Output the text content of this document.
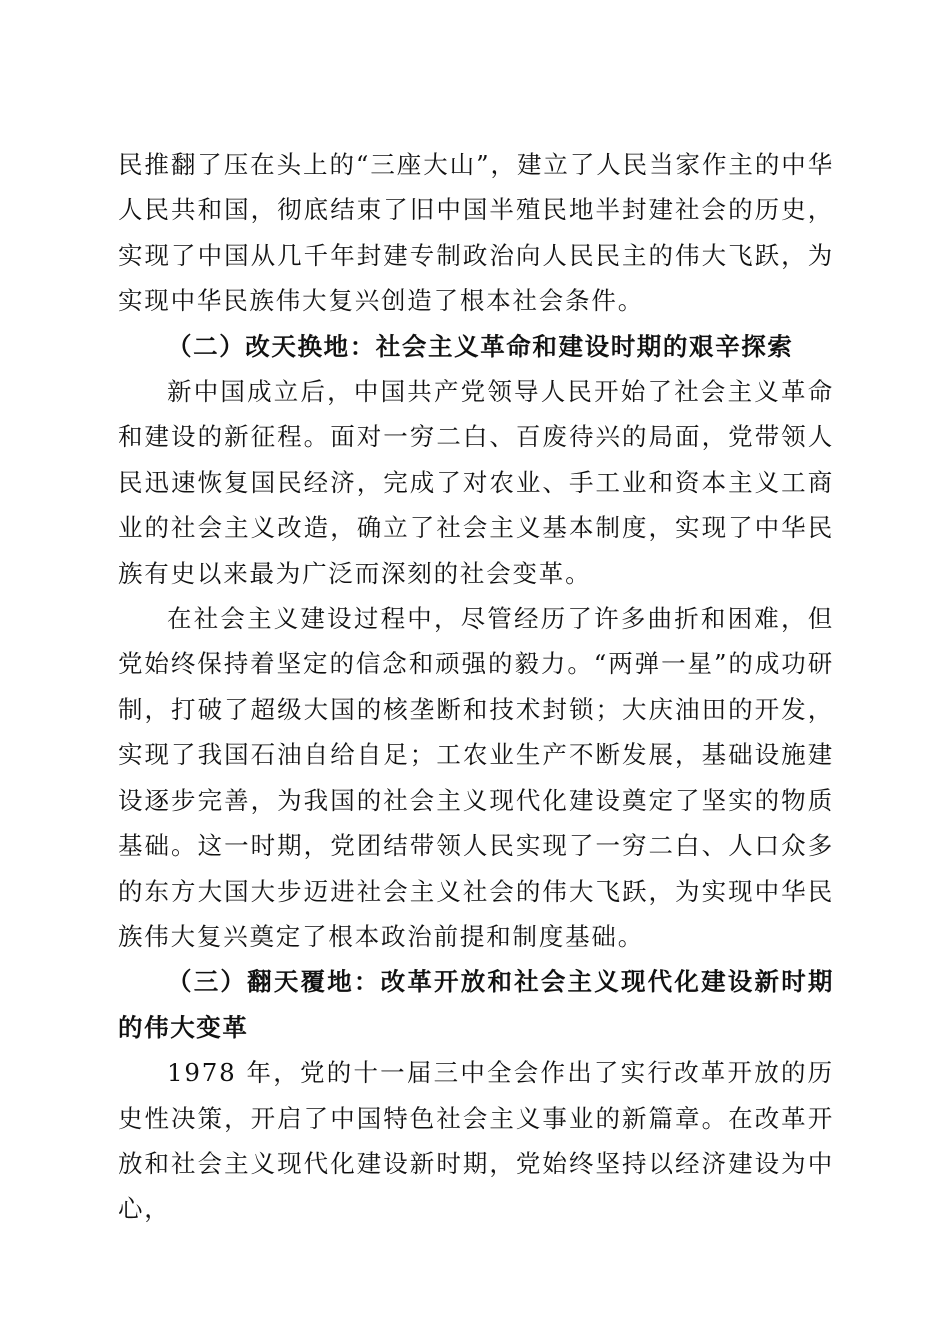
民推翻了压在头上的“三座大山”，建立了人民当家作主的中华人民共和国，彻底结束了旧中国半殖民地半封建社会的历史，实现了中国从几千年封建专制政治向人民民主的伟大飞跃，为实现中华民族伟大复兴创造了根本社会条件。

（二）改天换地：社会主义革命和建设时期的艰辛探索

新中国成立后，中国共产党领导人民开始了社会主义革命和建设的新征程。面对一穷二白、百废待兴的局面，党带领人民迅速恢复国民经济，完成了对农业、手工业和资本主义工商业的社会主义改造，确立了社会主义基本制度，实现了中华民族有史以来最为广泛而深刻的社会变革。

在社会主义建设过程中，尽管经历了许多曲折和困难，但党始终保持着坚定的信念和顽强的毅力。“两弹一星”的成功研制，打破了超级大国的核垄断和技术封锁；大庆油田的开发，实现了我国石油自给自足；工农业生产不断发展，基础设施建设逐步完善，为我国的社会主义现代化建设奠定了坚实的物质基础。这一时期，党团结带领人民实现了一穷二白、人口众多的东方大国大步迈进社会主义社会的伟大飞跃，为实现中华民族伟大复兴奠定了根本政治前提和制度基础。

（三）翻天覆地：改革开放和社会主义现代化建设新时期的伟大变革

1978 年，党的十一届三中全会作出了实行改革开放的历史性决策，开启了中国特色社会主义事业的新篇章。在改革开放和社会主义现代化建设新时期，党始终坚持以经济建设为中心，
